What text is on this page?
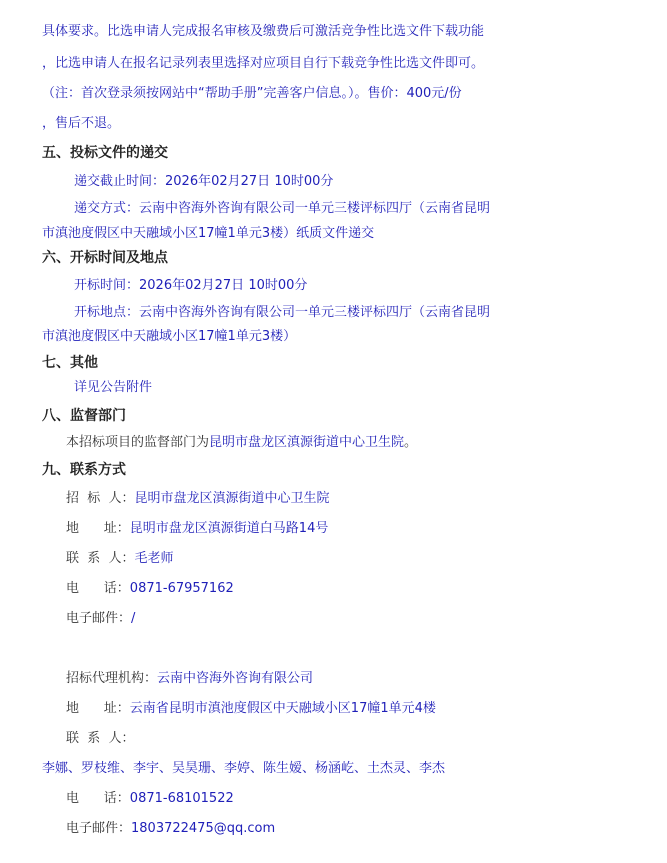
具体要求。比选申请人完成报名审核及缴费后可激活竞争性比选文件下载功能
，比选申请人在报名记录列表里选择对应项目自行下载竞争性比选文件即可。
（注：首次登录须按网站中“帮助手册”完善客户信息。）。售价：400元/份
，售后不退。
五、投标文件的递交
递交截止时间：2026年02月27日 10时00分
递交方式：云南中咨海外咨询有限公司一单元三楼评标四厅（云南省昆明
市滇池度假区中天融域小区17幢1单元3楼）纸质文件递交
六、开标时间及地点
开标时间：2026年02月27日 10时00分
开标地点：云南中咨海外咨询有限公司一单元三楼评标四厅（云南省昆明
市滇池度假区中天融域小区17幢1单元3楼）
七、其他
详见公告附件
八、监督部门
本招标项目的监督部门为昆明市盘龙区滇源街道中心卫生院。
九、联系方式
招  标  人：昆明市盘龙区滇源街道中心卫生院
地      址：昆明市盘龙区滇源街道白马路14号
联  系  人：毛老师
电      话：0871-67957162
电子邮件：/
招标代理机构：云南中咨海外咨询有限公司
地      址：云南省昆明市滇池度假区中天融域小区17幢1单元4楼
联  系  人：
李娜、罗枝维、李宇、吴昊珊、李婷、陈生嫒、杨涵屹、土杰灵、李杰
电      话：0871-68101522
电子邮件：1803722475@qq.com
